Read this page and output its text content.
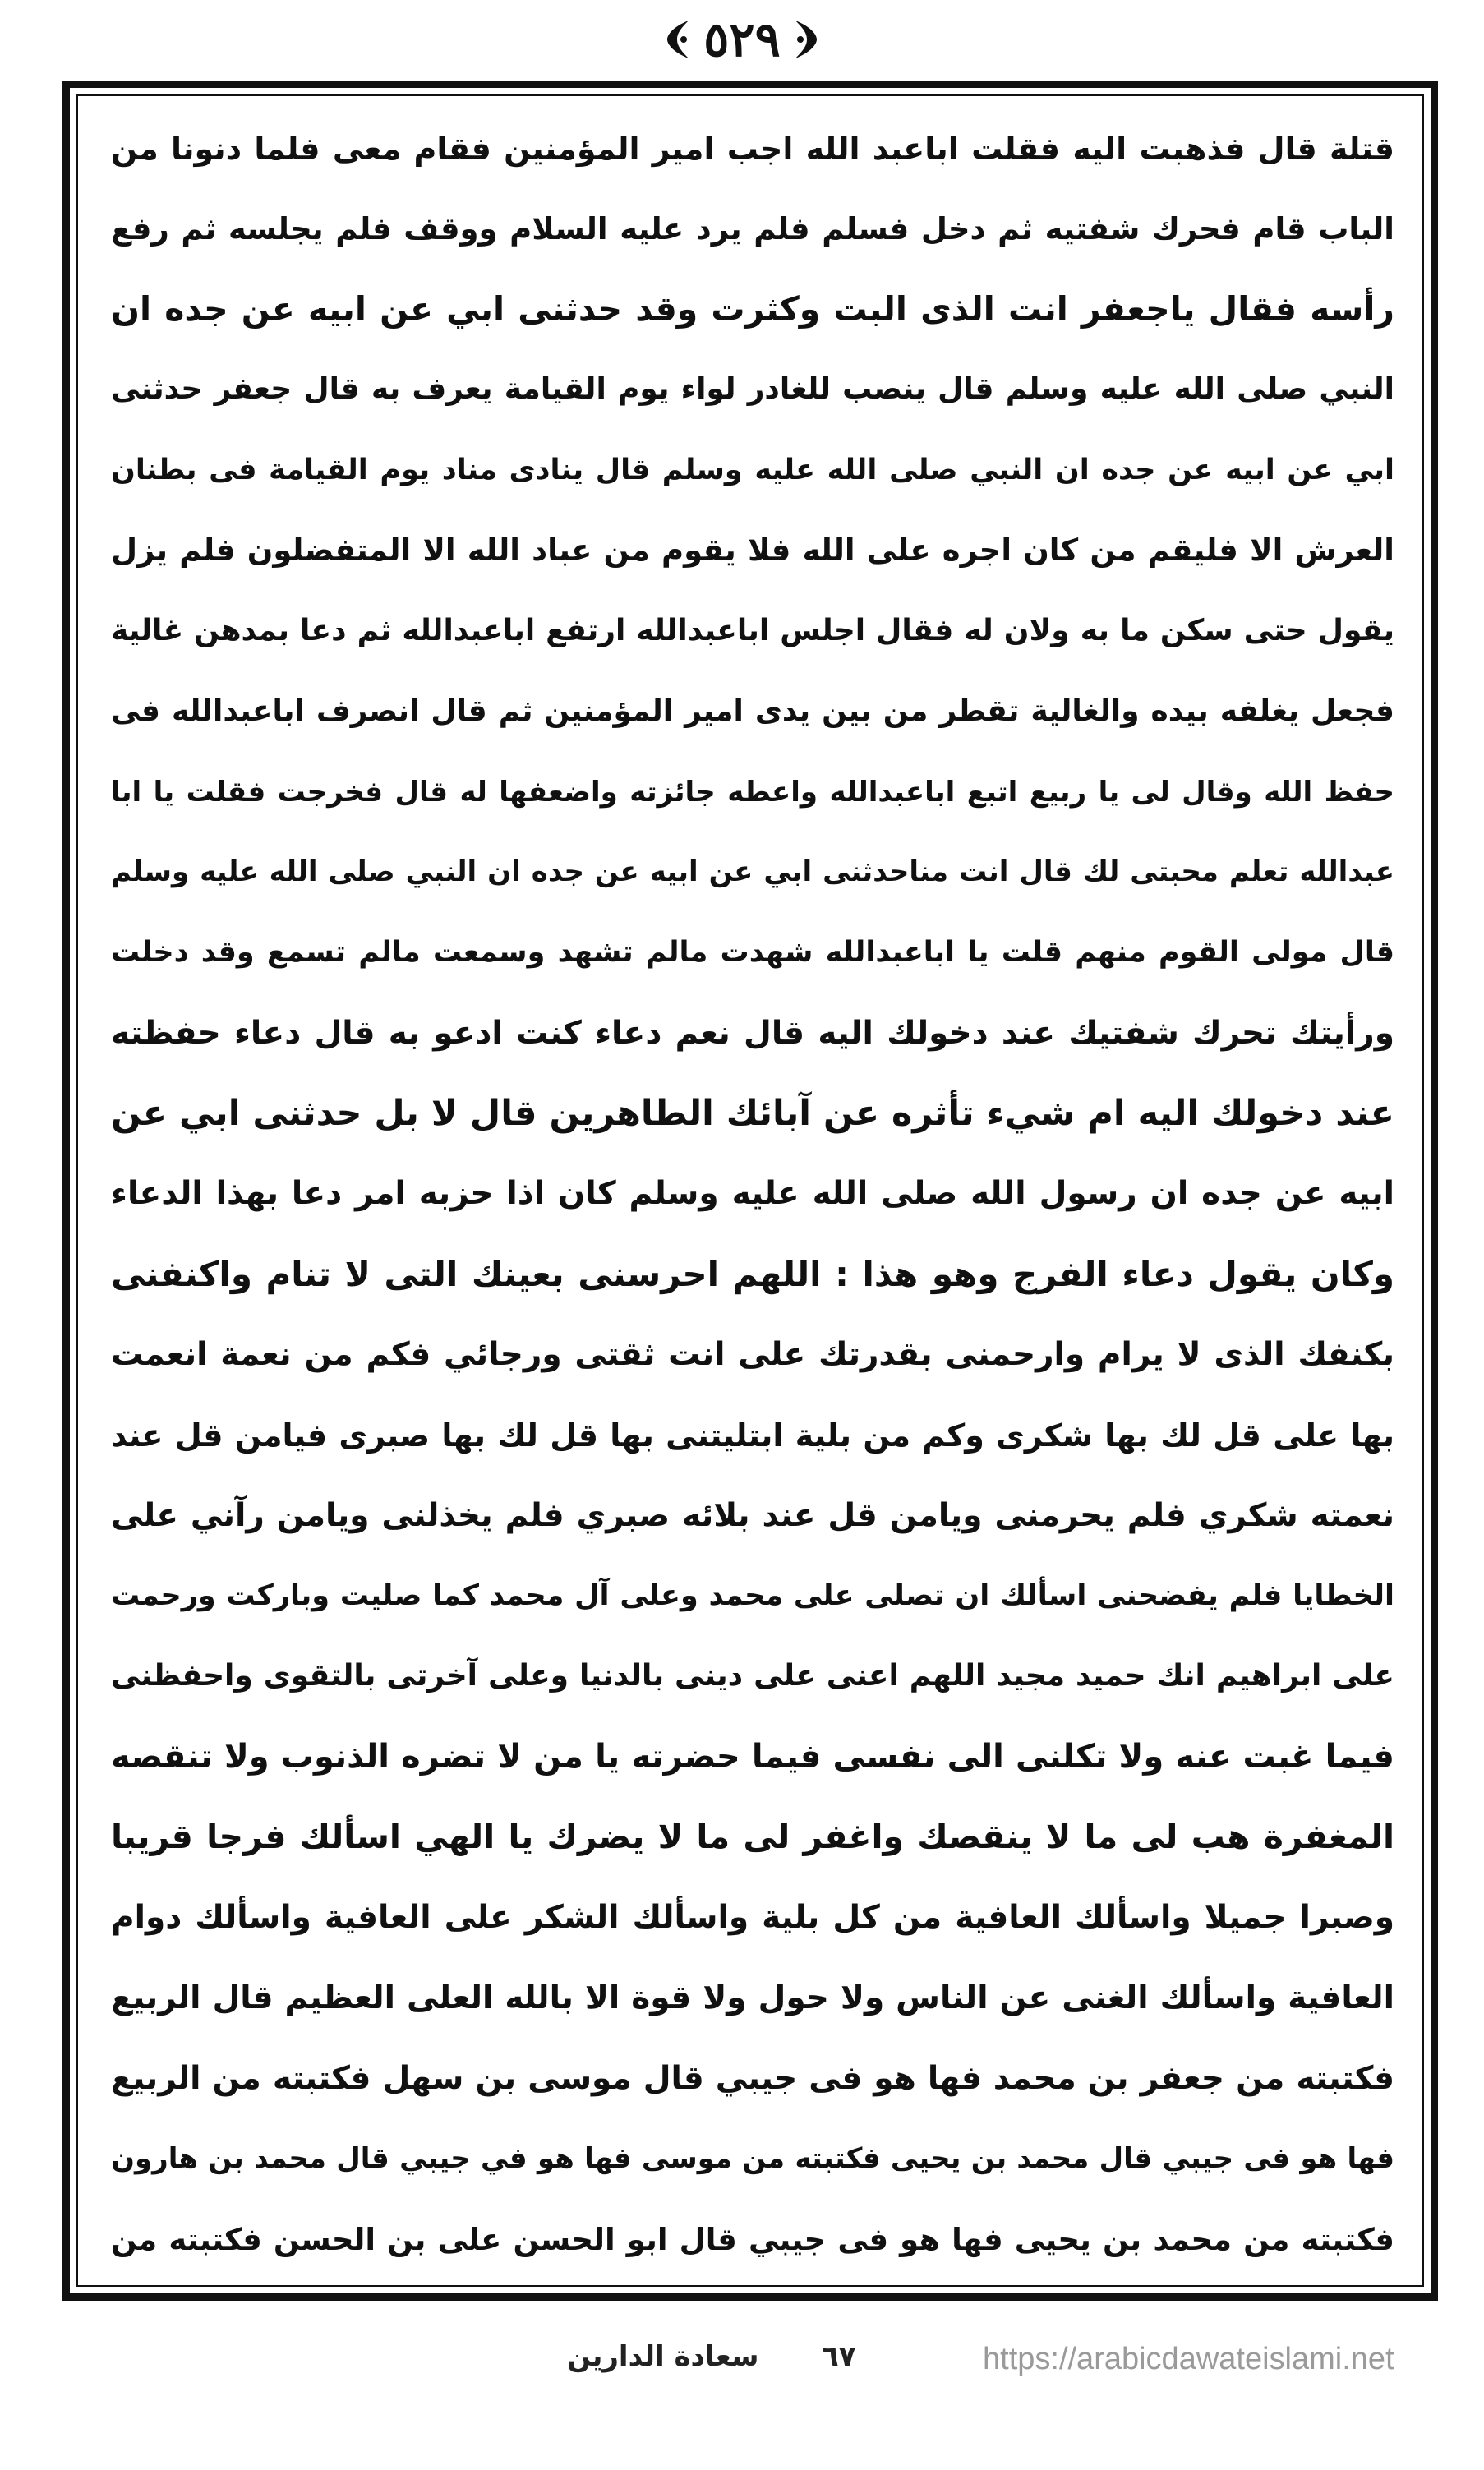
٥٢٩
قتلة قال فذهبت اليه فقلت اباعبد الله اجب امير المؤمنين فقام معى فلما دنونا من
الباب قام فحرك شفتيه ثم دخل فسلم فلم يرد عليه السلام ووقف فلم يجلسه ثم رفع
رأسه فقال ياجعفر انت الذى البت وكثرت وقد حدثنى ابي عن ابيه عن جده ان
النبي صلى الله عليه وسلم قال ينصب للغادر لواء يوم القيامة يعرف به قال جعفر حدثنى
ابي عن ابيه عن جده ان النبي صلى الله عليه وسلم قال ينادى مناد يوم القيامة فى بطنان
العرش الا فليقم من كان اجره على الله فلا يقوم من عباد الله الا المتفضلون فلم يزل
يقول حتى سكن ما به ولان له فقال اجلس اباعبدالله ارتفع اباعبدالله ثم دعا بمدهن غالية
فجعل يغلفه بيده والغالية تقطر من بين يدى امير المؤمنين ثم قال انصرف اباعبدالله فى
حفظ الله وقال لى يا ربيع اتبع اباعبدالله واعطه جائزته واضعفها له قال فخرجت فقلت يا ابا
عبدالله تعلم محبتى لك قال انت مناحدثنى ابي عن ابيه عن جده ان النبي صلى الله عليه وسلم
قال مولى القوم منهم قلت يا اباعبدالله شهدت مالم تشهد وسمعت مالم تسمع وقد دخلت
ورأيتك تحرك شفتيك عند دخولك اليه قال نعم دعاء كنت ادعو به قال دعاء حفظته
عند دخولك اليه ام شيء تأثره عن آبائك الطاهرين قال لا بل حدثنى ابي عن
ابيه عن جده ان رسول الله صلى الله عليه وسلم كان اذا حزبه امر دعا بهذا الدعاء
وكان يقول دعاء الفرج وهو هذا : اللهم احرسنى بعينك التى لا تنام واكنفنى
بكنفك الذى لا يرام وارحمنى بقدرتك على انت ثقتى ورجائي فكم من نعمة انعمت
بها على قل لك بها شكرى وكم من بلية ابتليتنى بها قل لك بها صبرى فيامن قل عند
نعمته شكري فلم يحرمنى ويامن قل عند بلائه صبري فلم يخذلنى ويامن رآني على
الخطايا فلم يفضحنى اسألك ان تصلى على محمد وعلى آل محمد كما صليت وباركت ورحمت
على ابراهيم انك حميد مجيد اللهم اعنى على دينى بالدنيا وعلى آخرتى بالتقوى واحفظنى
فيما غبت عنه ولا تكلنى الى نفسى فيما حضرته يا من لا تضره الذنوب ولا تنقصه
المغفرة هب لى ما لا ينقصك واغفر لى ما لا يضرك يا الهي اسألك فرجا قريبا
وصبرا جميلا واسألك العافية من كل بلية واسألك الشكر على العافية واسألك دوام
العافية واسألك الغنى عن الناس ولا حول ولا قوة الا بالله العلى العظيم قال الربيع
فكتبته من جعفر بن محمد فها هو فى جيبي قال موسى بن سهل فكتبته من الربيع
فها هو فى جيبي قال محمد بن يحيى فكتبته من موسى فها هو في جيبي قال محمد بن هارون
فكتبته من محمد بن يحيى فها هو فى جيبي قال ابو الحسن على بن الحسن فكتبته من
سعادة الدارين ٦٧	https://arabicdawateislami.net
